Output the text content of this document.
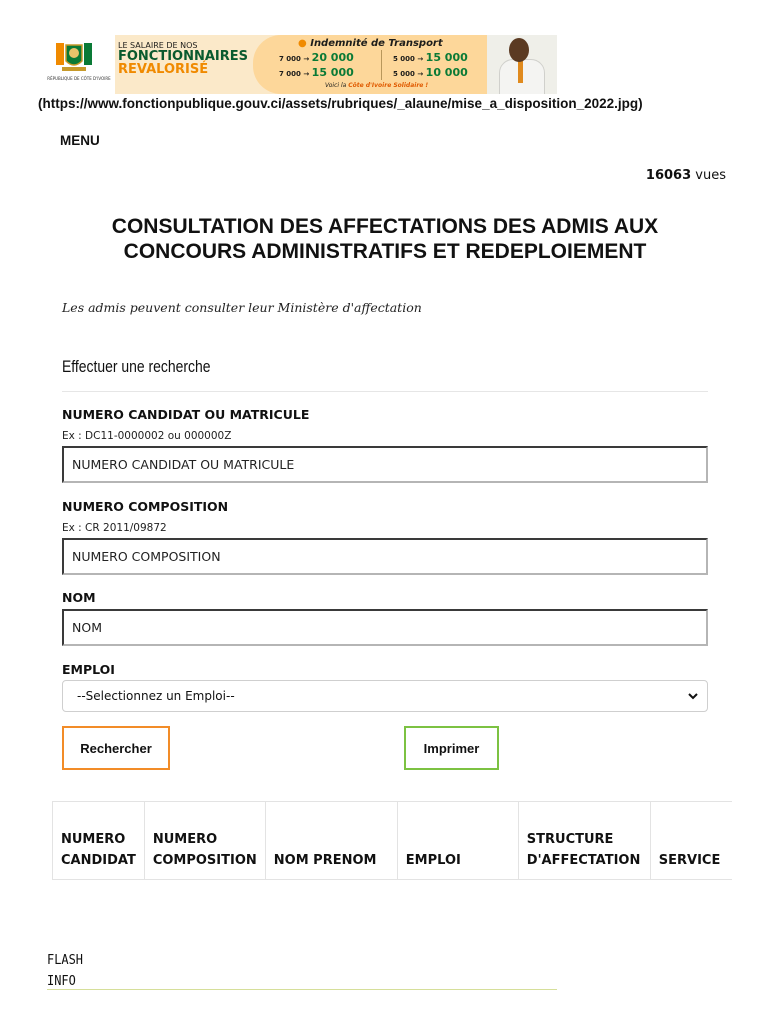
RÉPUBLIQUE DE CÔTE D'IVOIRE
LE SALAIRE DE NOS
FONCTIONNAIRES
REVALORISÉ
● Indemnité de Transport
7 000 → 20 000	5 000 → 15 000
7 000 → 15 000	5 000 → 10 000
Voici la Côte d'Ivoire Solidaire !
(https://www.fonctionpublique.gouv.ci/assets/rubriques/_alaune/mise_a_disposition_2022.jpg)
MENU
16063 vues
CONSULTATION DES AFFECTATIONS DES ADMIS AUX CONCOURS ADMINISTRATIFS ET REDEPLOIEMENT
Les admis peuvent consulter leur Ministère d'affectation
Effectuer une recherche
NUMERO CANDIDAT OU MATRICULE
Ex : DC11-0000002 ou 000000Z
NUMERO CANDIDAT OU MATRICULE
NUMERO COMPOSITION
Ex : CR 2011/09872
NUMERO COMPOSITION
NOM
NOM
EMPLOI
--Selectionnez un Emploi--
Rechercher	Imprimer
NUMERO CANDIDAT	NUMERO COMPOSITION	NOM PRENOM	EMPLOI	STRUCTURE D'AFFECTATION	SERVICE
FLASH
INFO
